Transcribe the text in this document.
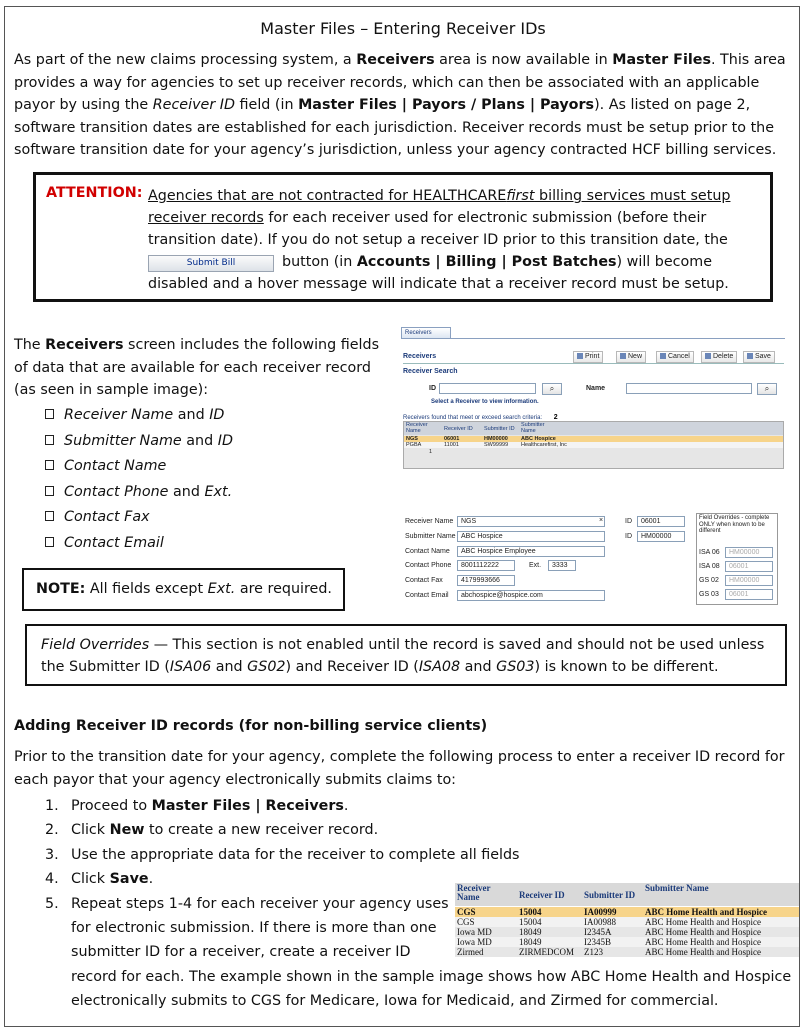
Master Files – Entering Receiver IDs

As part of the new claims processing system, a Receivers area is now available in Master Files. This area provides a way for agencies to set up receiver records, which can then be associated with an applicable payor by using the Receiver ID field (in Master Files | Payors / Plans | Payors). As listed on page 2, software transition dates are established for each jurisdiction. Receiver records must be setup prior to the software transition date for your agency’s jurisdiction, unless your agency contracted HCF billing services.

ATTENTION: Agencies that are not contracted for HEALTHCAREfirst billing services must setup
receiver records for each receiver used for electronic submission (before their transition date). If you do not setup a receiver ID prior to this transition date, the
Submit Bill	button (in Accounts | Billing | Post Batches) will become disabled and a hover message will indicate that a receiver record must be setup.

The Receivers screen includes the following fields of data that are available for each receiver record (as seen in sample image):

Receiver Name and ID
Submitter Name and ID
Contact Name
Contact Phone and Ext.
Contact Fax
Contact Email
NOTE: All fields except Ext. are required.
Receivers
Receivers	Print	New	Cancel	Delete	Save
Receiver Search
ID	⌕	Name	⌕
Select a Receiver to view information.
Receivers found that meet or exceed search criteria: 2
Receiver Name	Receiver ID Submitter ID
Submitter Name
NGS	06001	HM00000 ABC Hospice
PGBA	11001	SW99999 Healthcarefirst, Inc
1
Receiver Name	NGS	×	ID	06001
Submitter Name ABC Hospice	ID	HM00000
Contact Name	ABC Hospice Employee
Contact Phone	8001112222	Ext.	3333
Contact Fax	4179993666
Contact Email	abchospice@hospice.com
Field Overrides - complete ONLY when known to be different
ISA 06	HM00000
ISA 08	06001
GS 02	HM00000
GS 03	06001
Field Overrides — This section is not enabled until the record is saved and should not be used unless the Submitter ID (ISA06 and GS02) and Receiver ID (ISA08 and GS03) is known to be different.
Adding Receiver ID records (for non-billing service clients)

Prior to the transition date for your agency, complete the following process to enter a receiver ID record for each payor that your agency electronically submits claims to:

1. Proceed to Master Files | Receivers.
2. Click New to create a new receiver record.
3. Use the appropriate data for the receiver to complete all fields
4. Click Save.
5. Repeat steps 1-4 for each receiver your agency uses
for electronic submission. If there is more than one
submitter ID for a receiver, create a receiver ID

record for each. The example shown in the sample image shows how ABC Home Health and Hospice electronically submits to CGS for Medicare, Iowa for Medicaid, and Zirmed for commercial.

Receiver Name	Receiver ID Submitter ID
Submitter Name
CGS	15004	IA00999	ABC Home Health and Hospice
CGS	15004	IA00988	ABC Home Health and Hospice
Iowa MD	18049	I2345A	ABC Home Health and Hospice
Iowa MD	18049	I2345B	ABC Home Health and Hospice
Zirmed	ZIRMEDCOM Z123	ABC Home Health and Hospice
